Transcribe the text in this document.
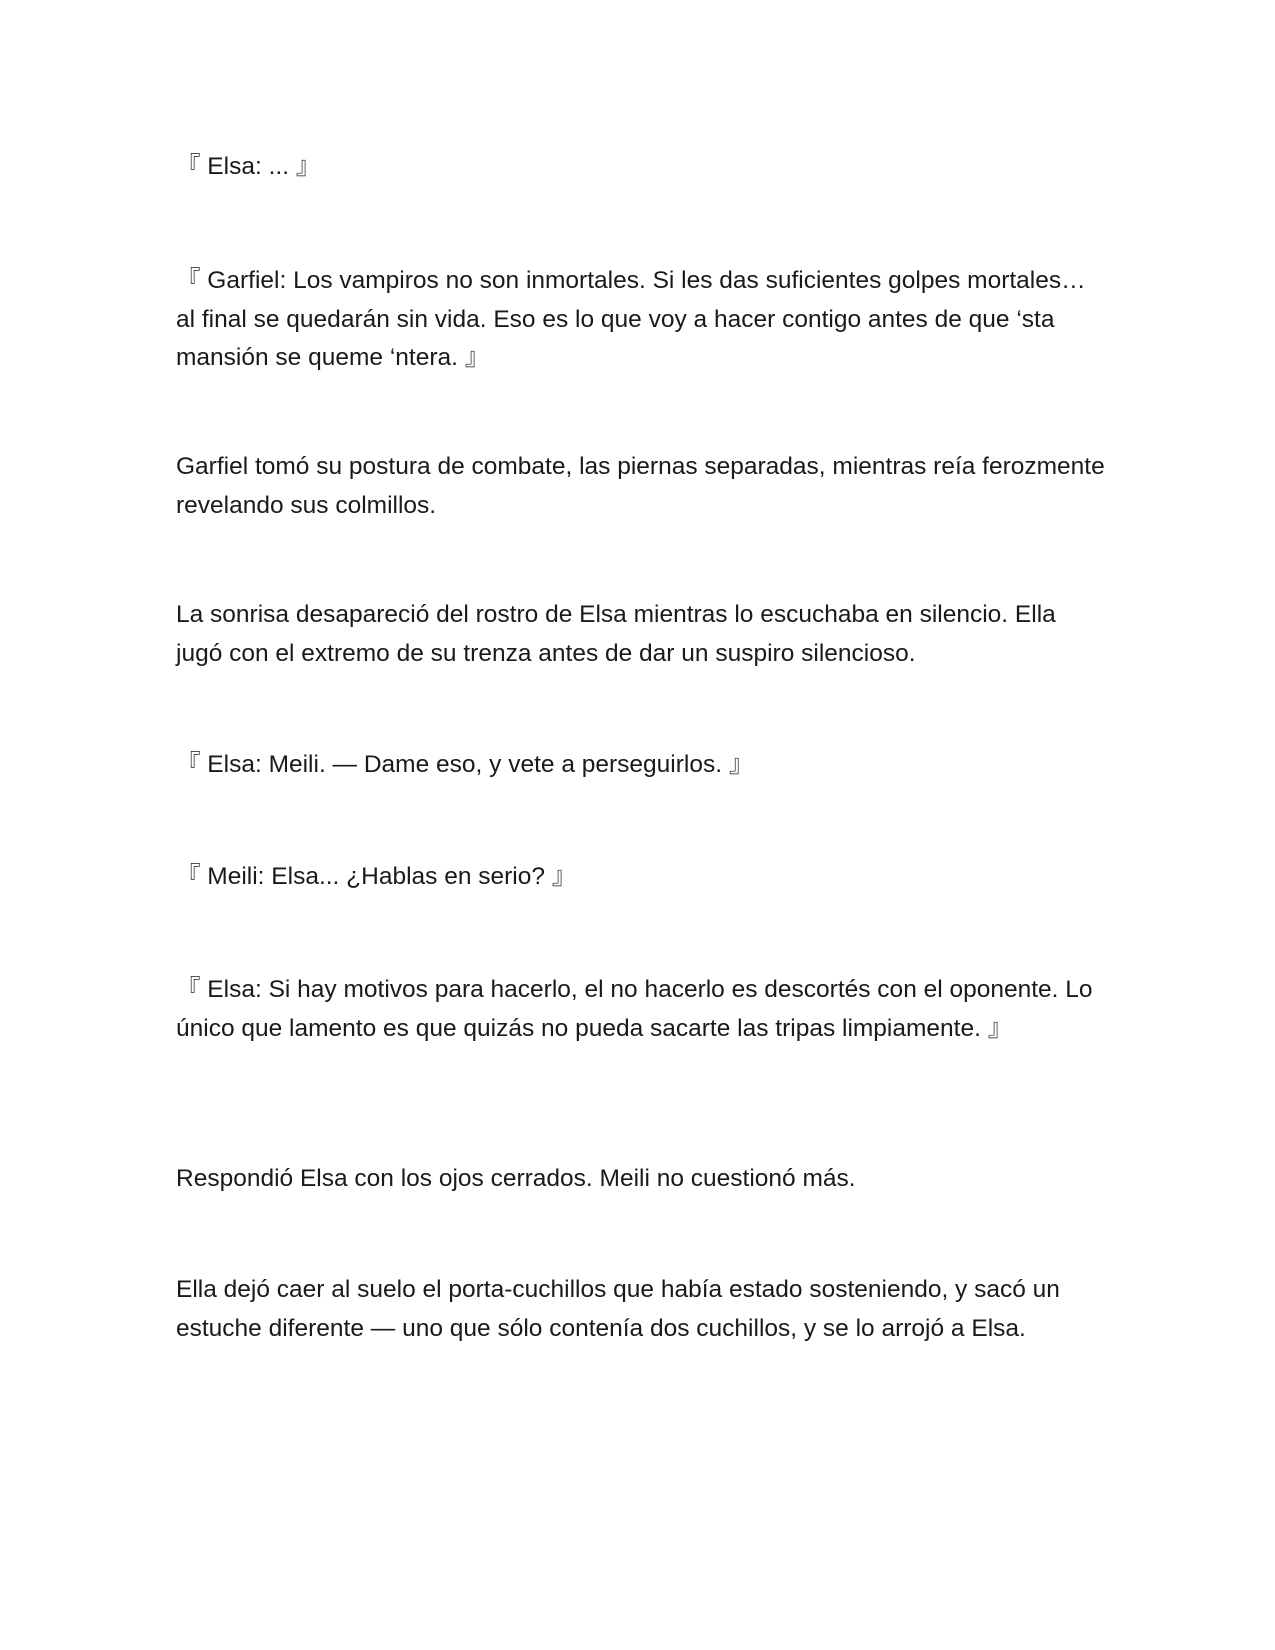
『 Elsa: ... 』

『 Garfiel: Los vampiros no son inmortales. Si les das suficientes golpes mortales… al final se quedarán sin vida. Eso es lo que voy a hacer contigo antes de que ‘sta mansión se queme ‘ntera. 』

Garfiel tomó su postura de combate, las piernas separadas, mientras reía ferozmente revelando sus colmillos.

La sonrisa desapareció del rostro de Elsa mientras lo escuchaba en silencio. Ella jugó con el extremo de su trenza antes de dar un suspiro silencioso.

『 Elsa: Meili. — Dame eso, y vete a perseguirlos. 』

『 Meili: Elsa... ¿Hablas en serio? 』

『 Elsa: Si hay motivos para hacerlo, el no hacerlo es descortés con el oponente. Lo único que lamento es que quizás no pueda sacarte las tripas limpiamente. 』

Respondió Elsa con los ojos cerrados. Meili no cuestionó más.

Ella dejó caer al suelo el porta-cuchillos que había estado sosteniendo, y sacó un estuche diferente — uno que sólo contenía dos cuchillos, y se lo arrojó a Elsa.
